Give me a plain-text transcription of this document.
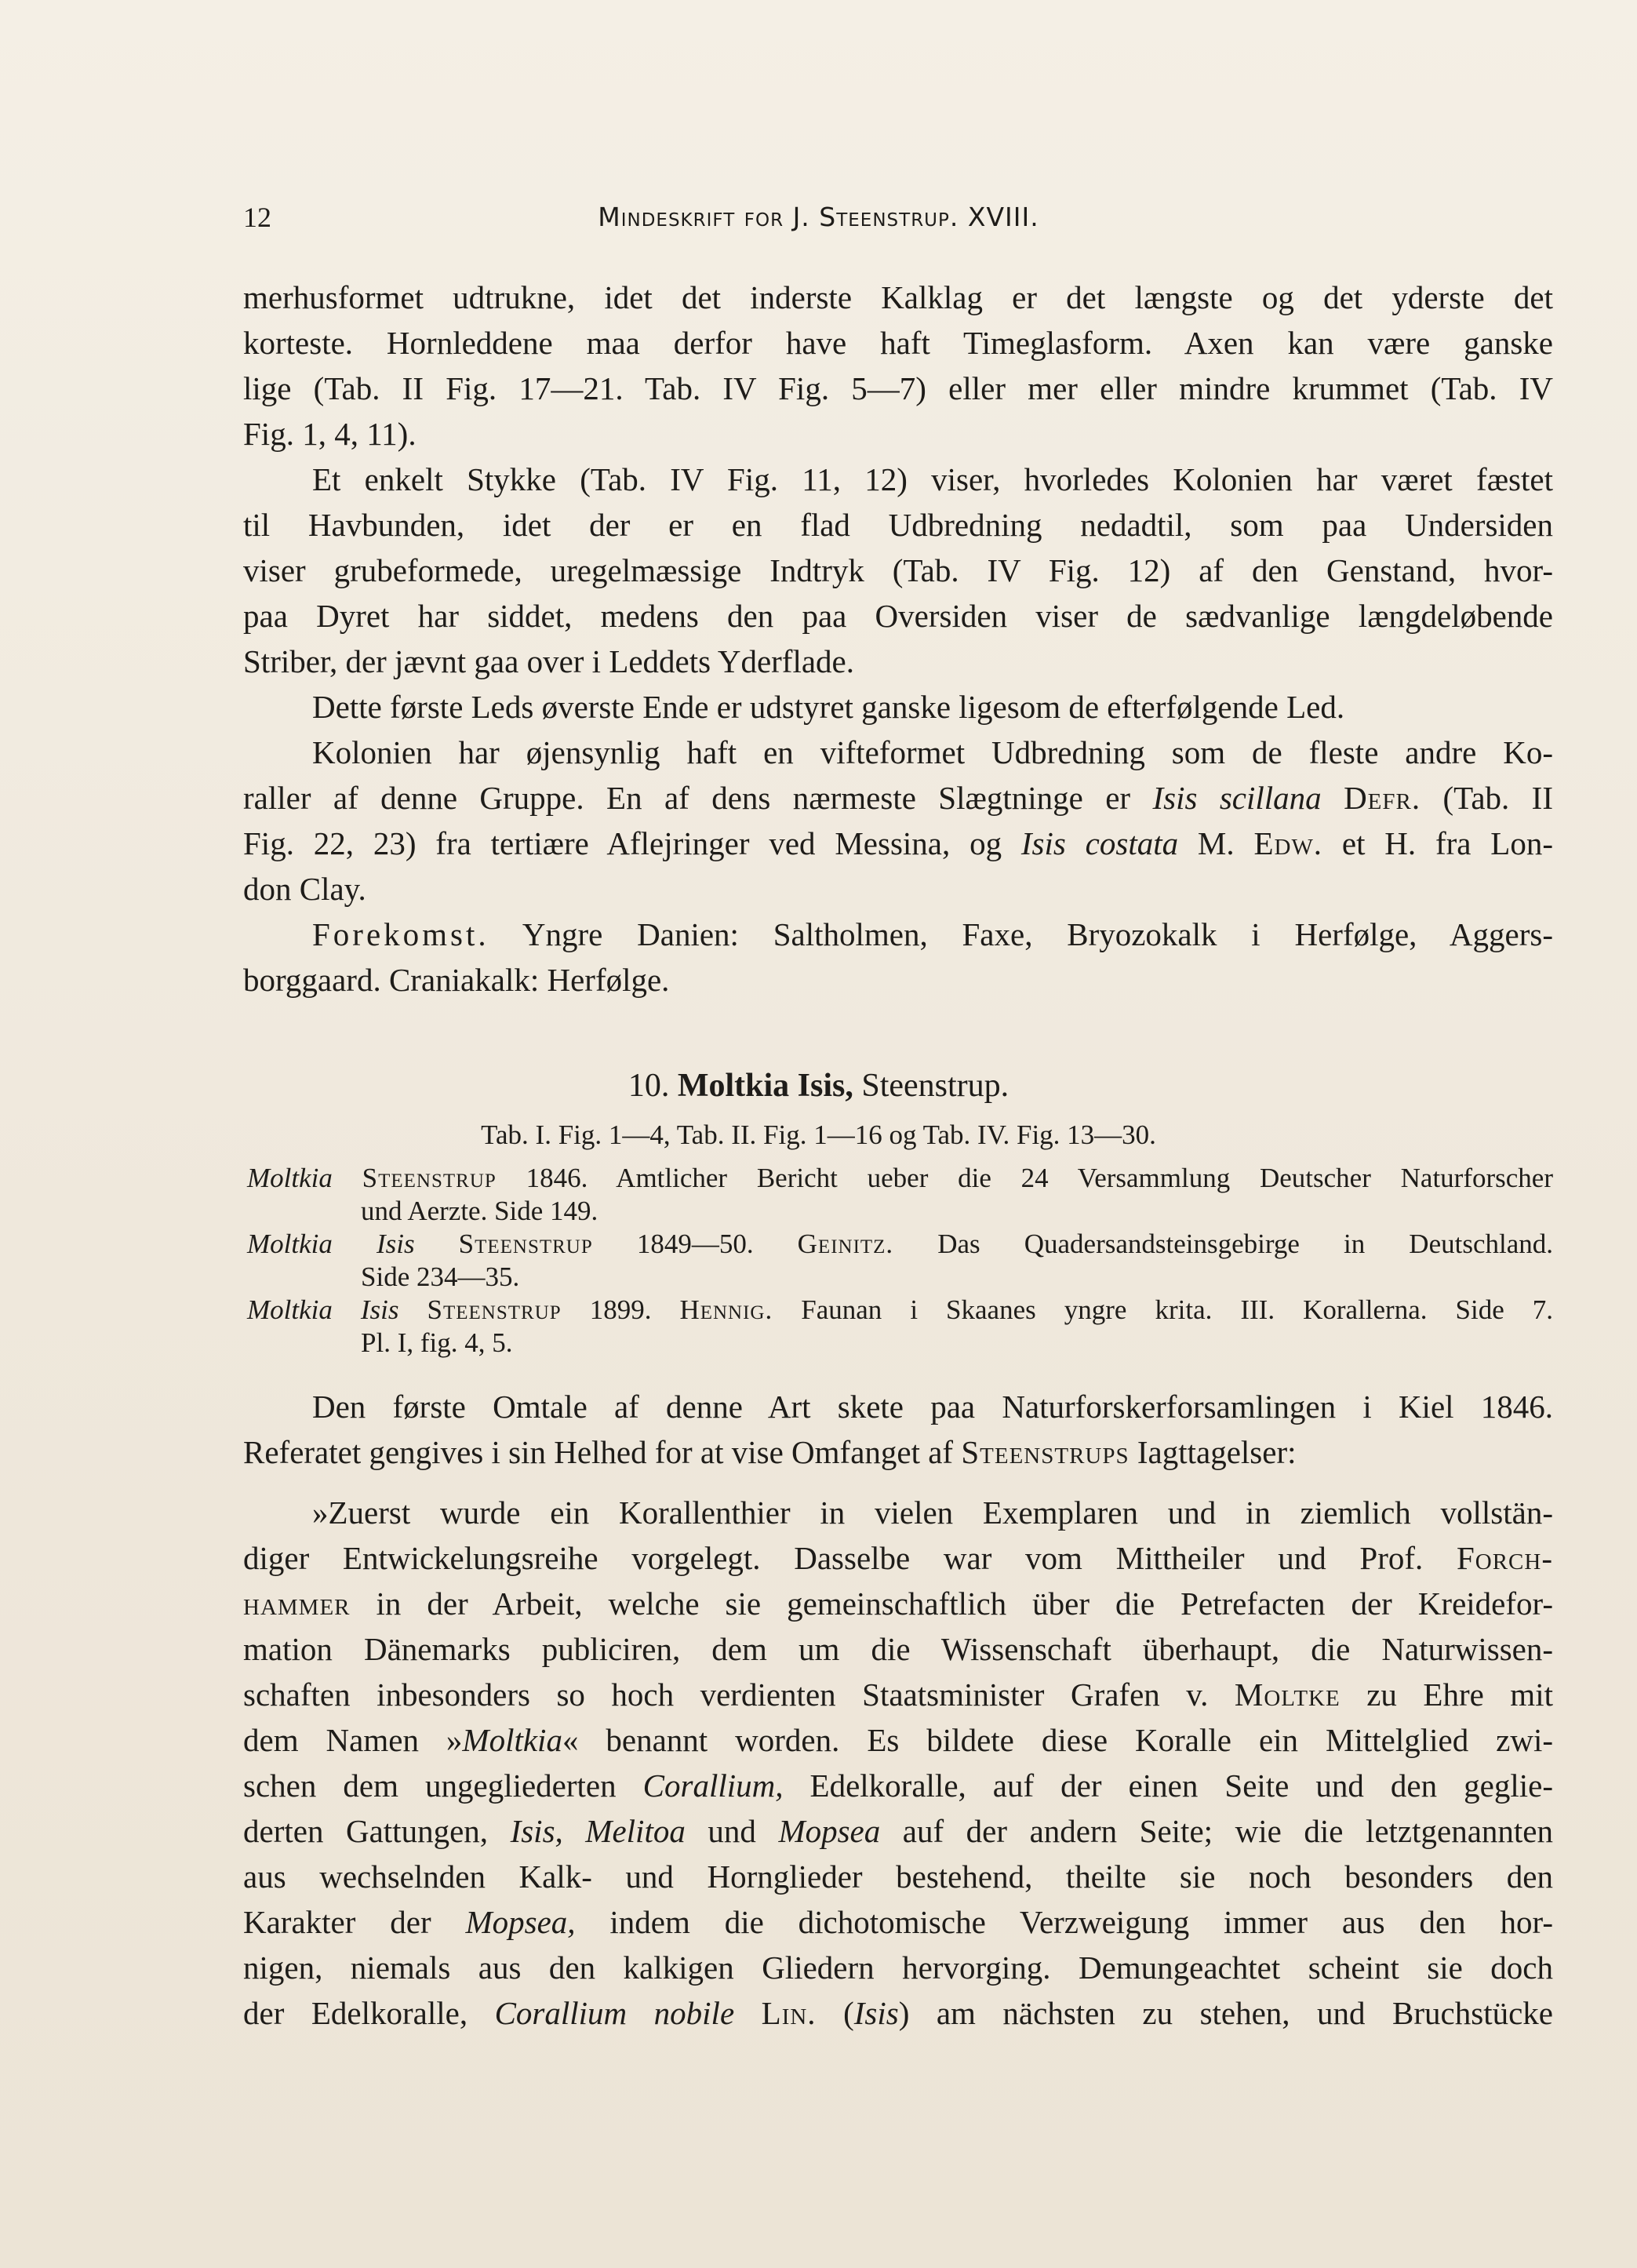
12	Mindeskrift for J. Steenstrup. XVIII.
merhusformet udtrukne, idet det inderste Kalklag er det længste og det yderste det
korteste. Hornleddene maa derfor have haft Timeglasform. Axen kan være ganske
lige (Tab. II Fig. 17—21. Tab. IV Fig. 5—7) eller mer eller mindre krummet (Tab. IV
Fig. 1, 4, 11).
Et enkelt Stykke (Tab. IV Fig. 11, 12) viser, hvorledes Kolonien har været fæstet
til Havbunden, idet der er en flad Udbredning nedadtil, som paa Undersiden
viser grubeformede, uregelmæssige Indtryk (Tab. IV Fig. 12) af den Genstand, hvor-
paa Dyret har siddet, medens den paa Oversiden viser de sædvanlige længdeløbende
Striber, der jævnt gaa over i Leddets Yderflade.
Dette første Leds øverste Ende er udstyret ganske ligesom de efterfølgende Led.
Kolonien har øjensynlig haft en vifteformet Udbredning som de fleste andre Ko-
raller af denne Gruppe. En af dens nærmeste Slægtninge er Isis scillana Defr. (Tab. II
Fig. 22, 23) fra tertiære Aflejringer ved Messina, og Isis costata M. Edw. et H. fra Lon-
don Clay.
Forekomst. Yngre Danien: Saltholmen, Faxe, Bryozokalk i Herfølge, Aggers-
borggaard. Craniakalk: Herfølge.
10. Moltkia Isis, Steenstrup.
Tab. I. Fig. 1—4, Tab. II. Fig. 1—16 og Tab. IV. Fig. 13—30.
Moltkia Steenstrup 1846. Amtlicher Bericht ueber die 24 Versammlung Deutscher Naturforscher
und Aerzte. Side 149.
Moltkia Isis Steenstrup 1849—50. Geinitz. Das Quadersandsteinsgebirge in Deutschland.
Side 234—35.
Moltkia Isis Steenstrup 1899. Hennig. Faunan i Skaanes yngre krita. III. Korallerna. Side 7.
Pl. I, fig. 4, 5.
Den første Omtale af denne Art skete paa Naturforskerforsamlingen i Kiel 1846.
Referatet gengives i sin Helhed for at vise Omfanget af Steenstrups Iagttagelser:
»Zuerst wurde ein Korallenthier in vielen Exemplaren und in ziemlich vollstän-
diger Entwickelungsreihe vorgelegt. Dasselbe war vom Mittheiler und Prof. Forch-
hammer in der Arbeit, welche sie gemeinschaftlich über die Petrefacten der Kreidefor-
mation Dänemarks publiciren, dem um die Wissenschaft überhaupt, die Naturwissen-
schaften inbesonders so hoch verdienten Staatsminister Grafen v. Moltke zu Ehre mit
dem Namen »Moltkia« benannt worden. Es bildete diese Koralle ein Mittelglied zwi-
schen dem ungegliederten Corallium, Edelkoralle, auf der einen Seite und den geglie-
derten Gattungen, Isis, Melitoa und Mopsea auf der andern Seite; wie die letztgenannten
aus wechselnden Kalk- und Hornglieder bestehend, theilte sie noch besonders den
Karakter der Mopsea, indem die dichotomische Verzweigung immer aus den hor-
nigen, niemals aus den kalkigen Gliedern hervorging. Demungeachtet scheint sie doch
der Edelkoralle, Corallium nobile Lin. (Isis) am nächsten zu stehen, und Bruchstücke
